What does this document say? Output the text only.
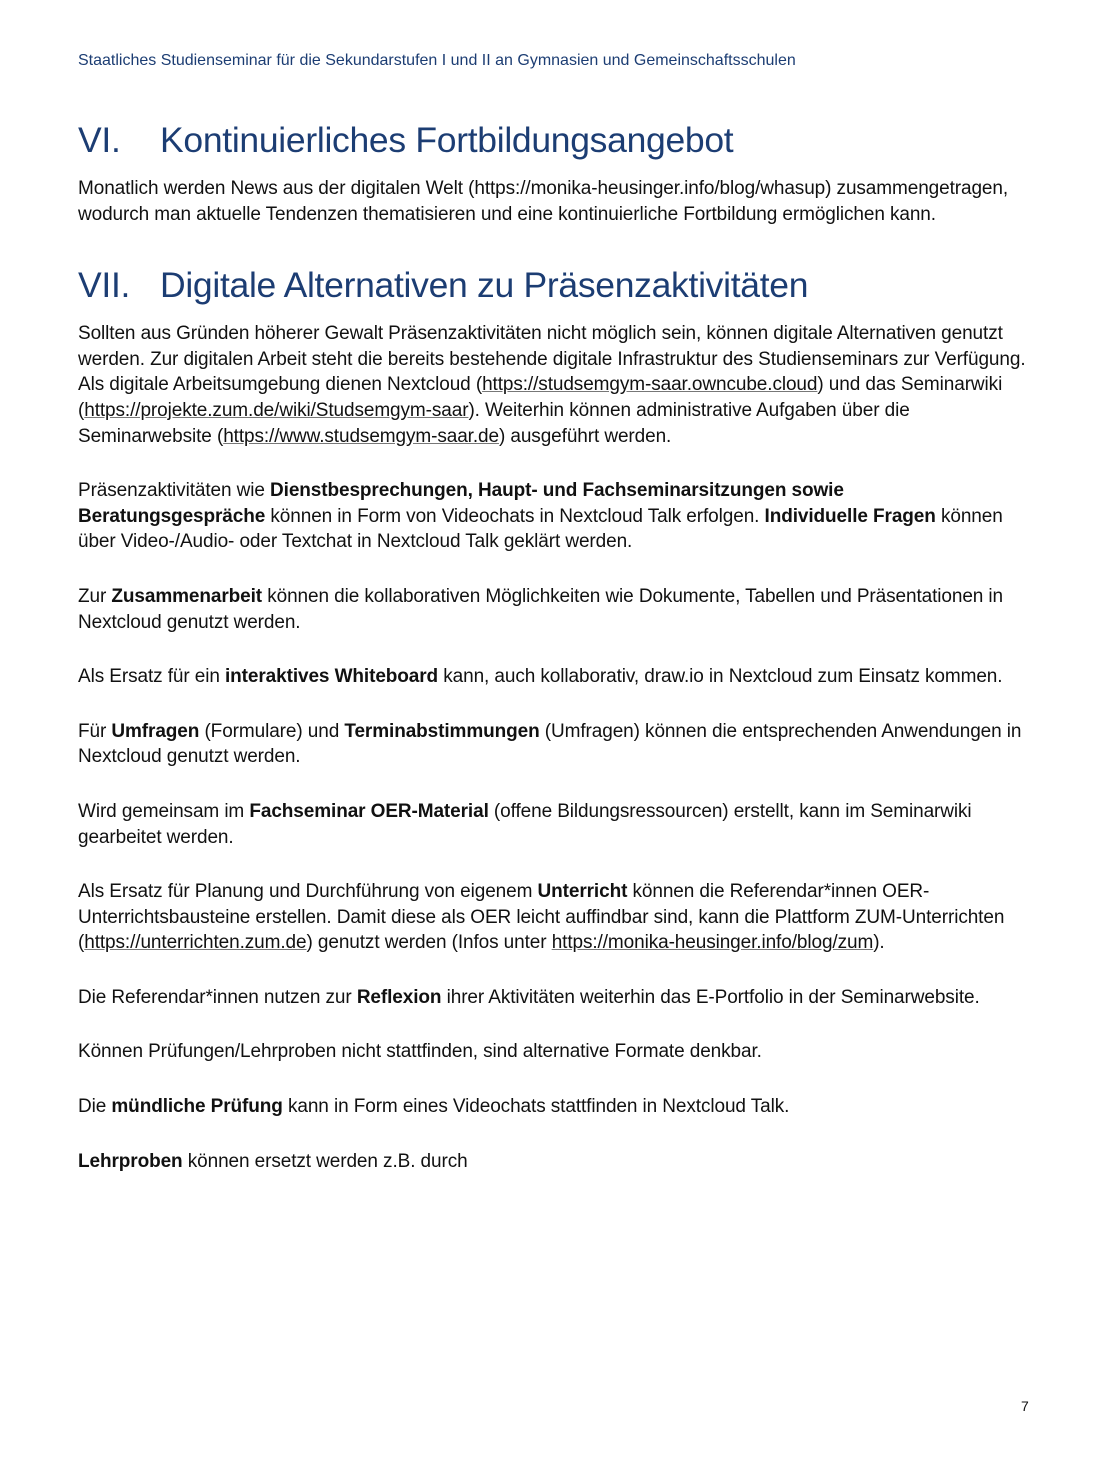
Staatliches Studienseminar für die Sekundarstufen I und II an Gymnasien und Gemeinschaftsschulen
VI. Kontinuierliches Fortbildungsangebot

Monatlich werden News aus der digitalen Welt (https://monika-heusinger.info/blog/whasup) zusammengetragen, wodurch man aktuelle Tendenzen thematisieren und eine kontinuierliche Fortbildung ermöglichen kann.

VII. Digitale Alternativen zu Präsenzaktivitäten

Sollten aus Gründen höherer Gewalt Präsenzaktivitäten nicht möglich sein, können digitale Alternativen genutzt werden. Zur digitalen Arbeit steht die bereits bestehende digitale Infrastruktur des Studienseminars zur Verfügung. Als digitale Arbeitsumgebung dienen Nextcloud (https://studsemgym-saar.owncube.cloud) und das Seminarwiki (https://projekte.zum.de/wiki/Studsemgym-saar). Weiterhin können administrative Aufgaben über die Seminarwebsite (https://www.studsemgym-saar.de) ausgeführt werden.

Präsenzaktivitäten wie Dienstbesprechungen, Haupt- und Fachseminarsitzungen sowie Beratungsgespräche können in Form von Videochats in Nextcloud Talk erfolgen. Individuelle Fragen können über Video-/Audio- oder Textchat in Nextcloud Talk geklärt werden.

Zur Zusammenarbeit können die kollaborativen Möglichkeiten wie Dokumente, Tabellen und Präsentationen in Nextcloud genutzt werden.

Als Ersatz für ein interaktives Whiteboard kann, auch kollaborativ, draw.io in Nextcloud zum Einsatz kommen.

Für Umfragen (Formulare) und Terminabstimmungen (Umfragen) können die entsprechenden Anwendungen in Nextcloud genutzt werden.

Wird gemeinsam im Fachseminar OER-Material (offene Bildungsressourcen) erstellt, kann im Seminarwiki gearbeitet werden.

Als Ersatz für Planung und Durchführung von eigenem Unterricht können die Referendar*innen OER-Unterrichtsbausteine erstellen. Damit diese als OER leicht auffindbar sind, kann die Plattform ZUM-Unterrichten (https://unterrichten.zum.de) genutzt werden (Infos unter https://monika-heusinger.info/blog/zum).

Die Referendar*innen nutzen zur Reflexion ihrer Aktivitäten weiterhin das E-Portfolio in der Seminarwebsite.

Können Prüfungen/Lehrproben nicht stattfinden, sind alternative Formate denkbar.

Die mündliche Prüfung kann in Form eines Videochats stattfinden in Nextcloud Talk.

Lehrproben können ersetzt werden z.B. durch

7
